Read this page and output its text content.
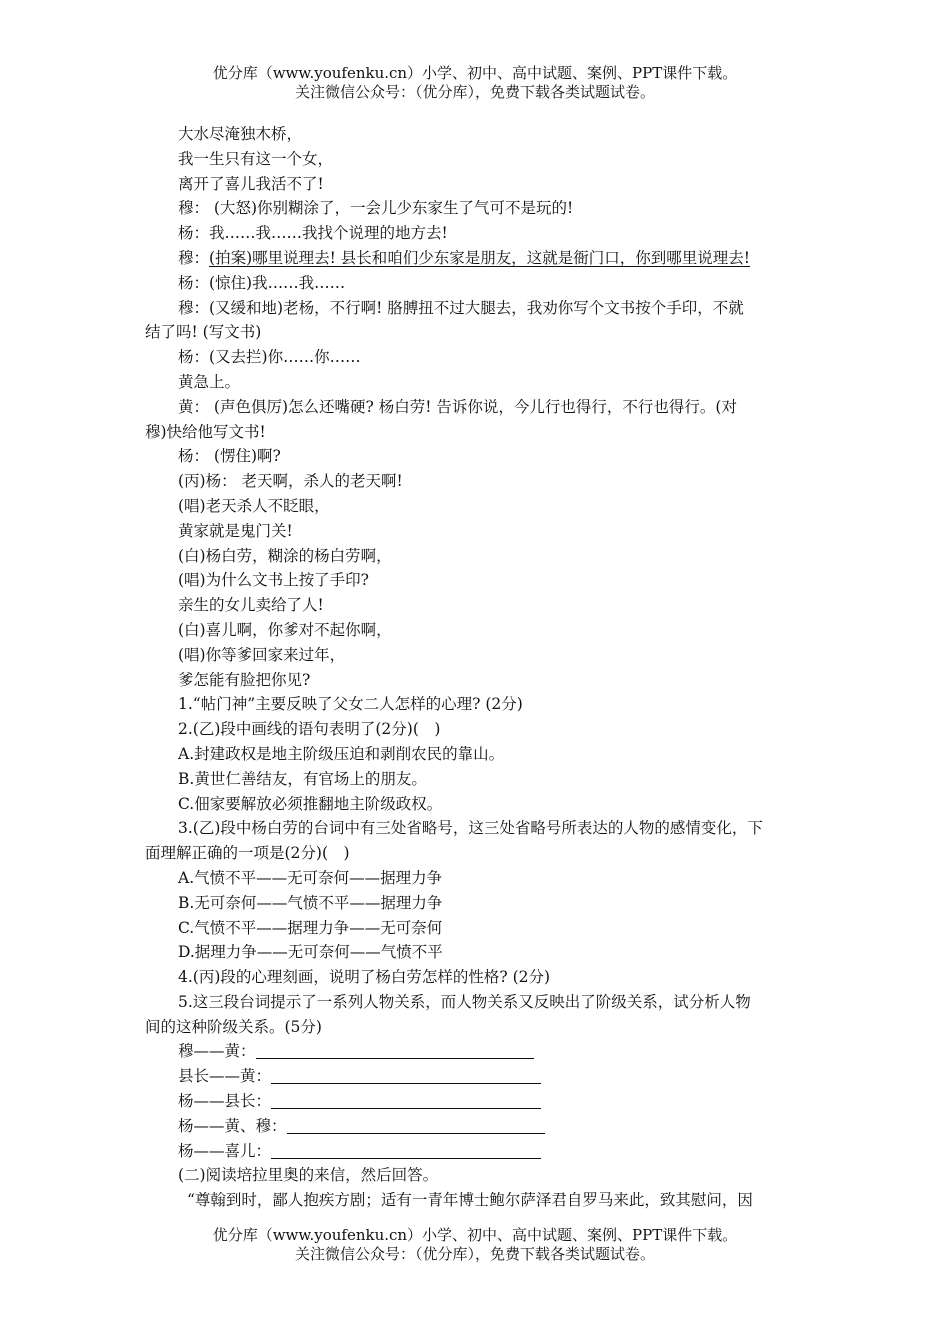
优分库（www.youfenku.cn）小学、初中、高中试题、案例、PPT课件下载。
关注微信公众号：（优分库），免费下载各类试题试卷。
大水尽淹独木桥，
我一生只有这一个女，
离开了喜儿我活不了!
穆： (大怒)你别糊涂了，一会儿少东家生了气可不是玩的!
杨：我……我……我找个说理的地方去!
穆：(拍案)哪里说理去! 县长和咱们少东家是朋友，这就是衙门口，你到哪里说理去!
杨：(惊住)我……我……
穆：(又缓和地)老杨，不行啊! 胳膊扭不过大腿去，我劝你写个文书按个手印，不就
结了吗! (写文书)
杨：(又去拦)你……你……
黄急上。
黄： (声色俱厉)怎么还嘴硬? 杨白劳! 告诉你说，今儿行也得行，不行也得行。(对
穆)快给他写文书!
杨： (愣住)啊?
(丙)杨： 老天啊，杀人的老天啊!
(唱)老天杀人不眨眼，
黄家就是鬼门关!
(白)杨白劳，糊涂的杨白劳啊，
(唱)为什么文书上按了手印?
亲生的女儿卖给了人!
(白)喜儿啊，你爹对不起你啊，
(唱)你等爹回家来过年，
爹怎能有脸把你见?
1.“帖门神”主要反映了父女二人怎样的心理? (2分)
2.(乙)段中画线的语句表明了(2分)(　)
A.封建政权是地主阶级压迫和剥削农民的靠山。
B.黄世仁善结友，有官场上的朋友。
C.佃家要解放必须推翻地主阶级政权。
3.(乙)段中杨白劳的台词中有三处省略号，这三处省略号所表达的人物的感情变化，下
面理解正确的一项是(2分)(　)
A.气愤不平——无可奈何——据理力争
B.无可奈何——气愤不平——据理力争
C.气愤不平——据理力争——无可奈何
D.据理力争——无可奈何——气愤不平
4.(丙)段的心理刻画，说明了杨白劳怎样的性格? (2分)
5.这三段台词提示了一系列人物关系，而人物关系又反映出了阶级关系，试分析人物
间的这种阶级关系。(5分)
穆——黄：
县长——黄：
杨——县长：
杨——黄、穆：
杨——喜儿：
(二)阅读培拉里奥的来信，然后回答。
“尊翰到时，鄙人抱疾方剧；适有一青年博士鲍尔萨泽君自罗马来此，致其慰问，因
优分库（www.youfenku.cn）小学、初中、高中试题、案例、PPT课件下载。
关注微信公众号：（优分库），免费下载各类试题试卷。
